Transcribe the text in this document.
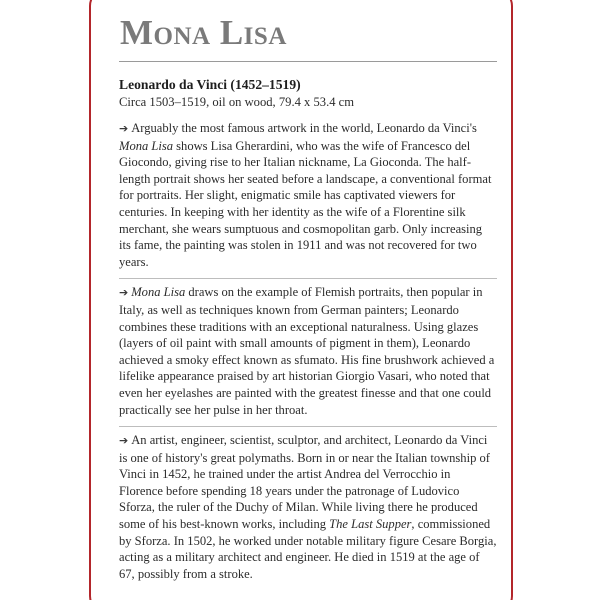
Mona Lisa

Leonardo da Vinci (1452–1519)

Circa 1503–1519, oil on wood, 79.4 x 53.4 cm

➔ Arguably the most famous artwork in the world, Leonardo da Vinci's Mona Lisa shows Lisa Gherardini, who was the wife of Francesco del Giocondo, giving rise to her Italian nickname, La Gioconda. The half-length portrait shows her seated before a landscape, a conventional format for portraits. Her slight, enigmatic smile has captivated viewers for centuries. In keeping with her identity as the wife of a Florentine silk merchant, she wears sumptuous and cosmopolitan garb. Only increasing its fame, the painting was stolen in 1911 and was not recovered for two years.

➔ Mona Lisa draws on the example of Flemish portraits, then popular in Italy, as well as techniques known from German painters; Leonardo combines these traditions with an exceptional naturalness. Using glazes (layers of oil paint with small amounts of pigment in them), Leonardo achieved a smoky effect known as sfumato. His fine brushwork achieved a lifelike appearance praised by art historian Giorgio Vasari, who noted that even her eyelashes are painted with the greatest finesse and that one could practically see her pulse in her throat.

➔ An artist, engineer, scientist, sculptor, and architect, Leonardo da Vinci is one of history's great polymaths. Born in or near the Italian township of Vinci in 1452, he trained under the artist Andrea del Verrocchio in Florence before spending 18 years under the patronage of Ludovico Sforza, the ruler of the Duchy of Milan. While living there he produced some of his best-known works, including The Last Supper, commissioned by Sforza. In 1502, he worked under notable military figure Cesare Borgia, acting as a military architect and engineer. He died in 1519 at the age of 67, possibly from a stroke.
